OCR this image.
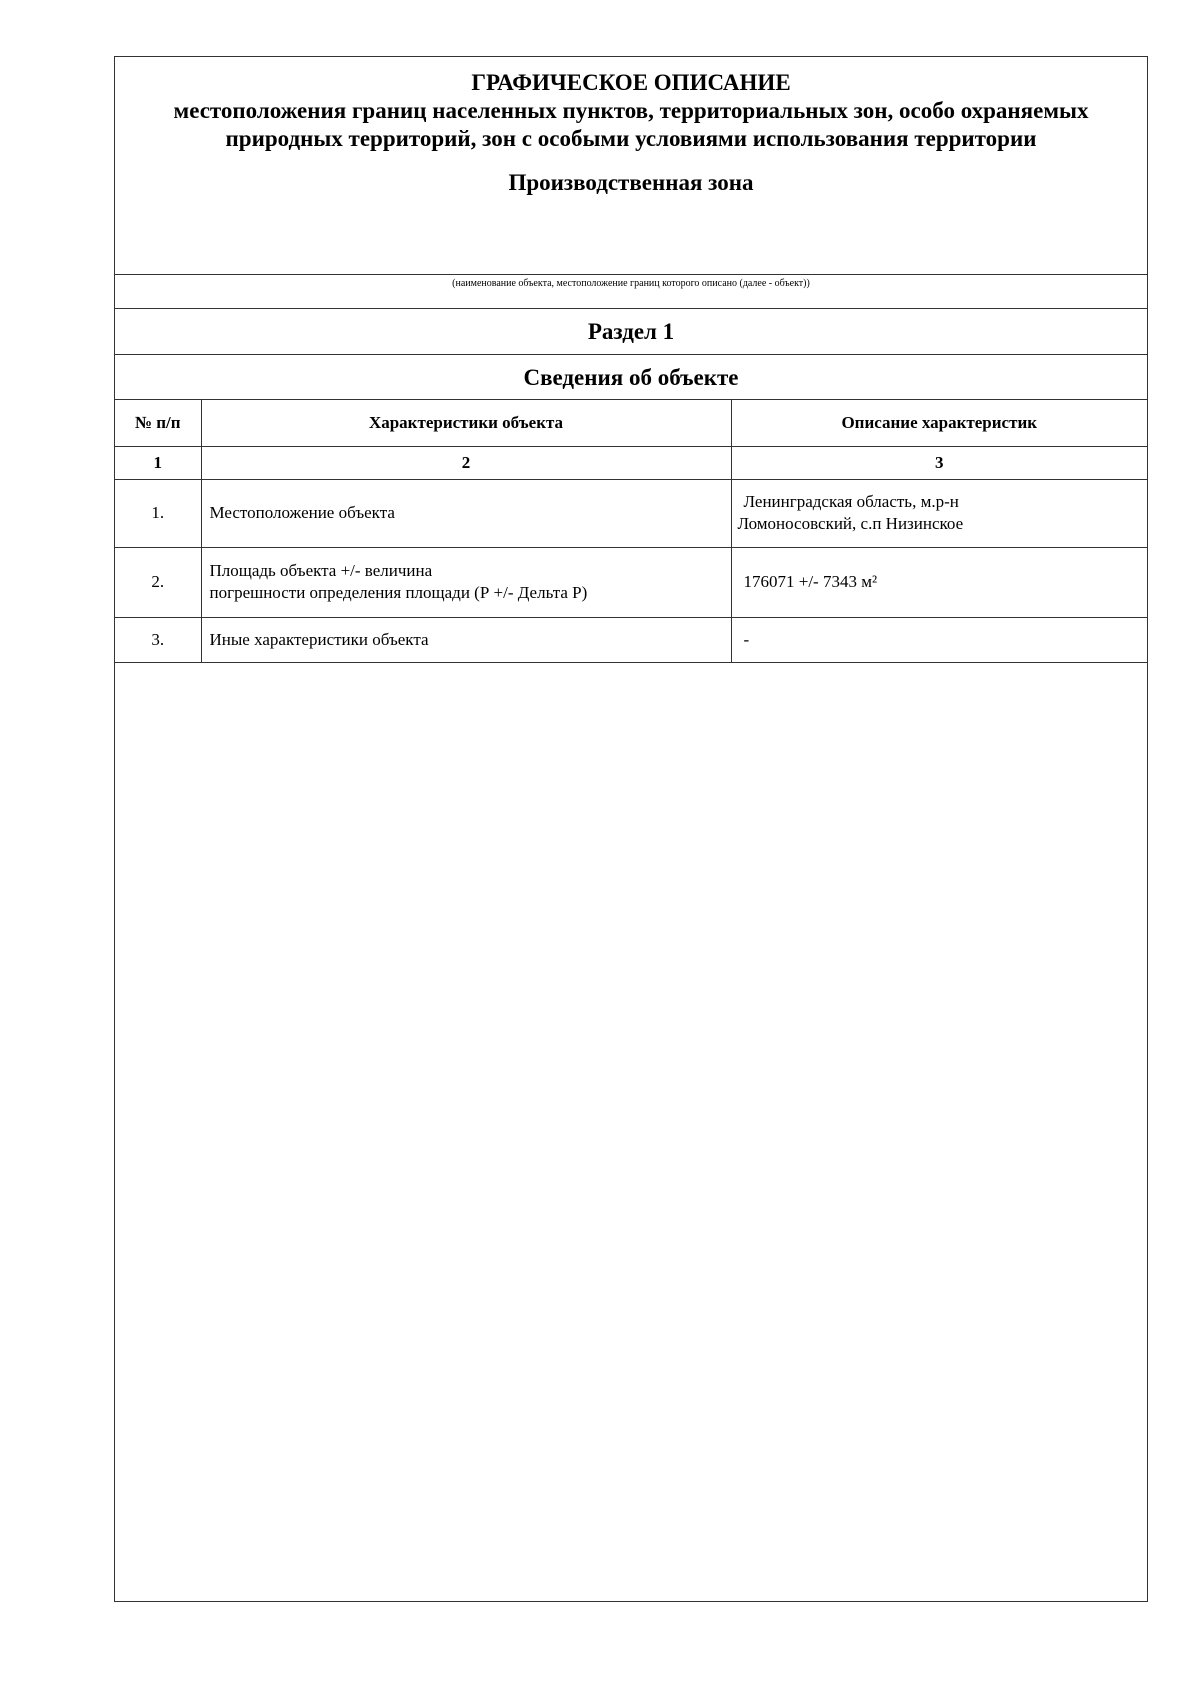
ГРАФИЧЕСКОЕ ОПИСАНИЕ
местоположения границ населенных пунктов, территориальных зон, особо охраняемых природных территорий, зон с особыми условиями использования территории
Производственная зона
(наименование объекта, местоположение границ которого описано (далее - объект))
Раздел 1
Сведения об объекте
№ п/п	Характеристики объекта	Описание характеристик
1	2	3
1.	Местоположение объекта	Ленинградская область, м.р-н
Ломоносовский, с.п Низинское

2.	Площадь объекта +/- величина
погрешности определения площади (Р +/- Дельта Р)	176071 +/- 7343 м²

3.	Иные характеристики объекта	-
